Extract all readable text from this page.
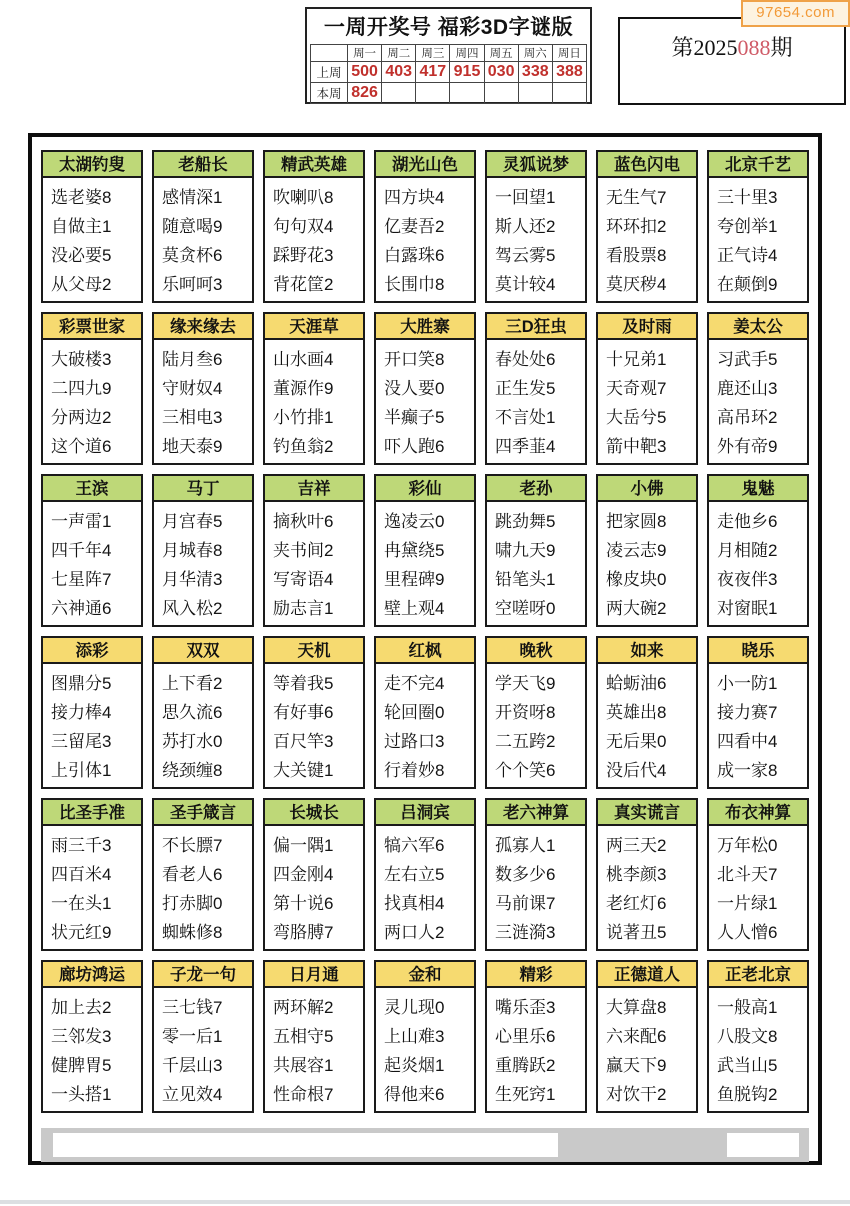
97654.com
一周开奖号 福彩3D字谜版
	周一	周二	周三	周四	周五	周六	周日
上周	500	403	417	915	030	338	388
本周	826						
第2025088期
太湖钓叟
选老婆8
自做主1
没必要5
从父母2
老船长
感情深1
随意喝9
莫贪杯6
乐呵呵3
精武英雄
吹喇叭8
句句双4
踩野花3
背花筐2
湖光山色
四方块4
亿妻吾2
白露珠6
长围巾8
灵狐说梦
一回望1
斯人还2
驾云雾5
莫计较4
蓝色闪电
无生气7
环环扣2
看股票8
莫厌秽4
北京千艺
三十里3
夸创举1
正气诗4
在颠倒9
彩票世家
大破楼3
二四九9
分两边2
这个道6
缘来缘去
陆月叁6
守财奴4
三相电3
地天泰9
天涯草
山水画4
董源作9
小竹排1
钓鱼翁2
大胜寨
开口笑8
没人要0
半癫子5
吓人跑6
三D狂虫
春处处6
正生发5
不言处1
四季韮4
及时雨
十兄弟1
天奇观7
大岳兮5
箭中靶3
姜太公
习武手5
鹿还山3
高吊环2
外有帝9
王滨
一声雷1
四千年4
七星阵7
六神通6
马丁
月宫春5
月城春8
月华清3
风入松2
吉祥
摘秋叶6
夹书间2
写寄语4
励志言1
彩仙
逸凌云0
冉黛绕5
里程碑9
壁上观4
老孙
跳劲舞5
啸九天9
铅笔头1
空嗟呀0
小佛
把家圆8
凌云志9
橡皮块0
两大碗2
鬼魅
走他乡6
月相随2
夜夜伴3
对窗眠1
添彩
图鼎分5
接力棒4
三留尾3
上引体1
双双
上下看2
思久流6
苏打水0
绕颈缠8
天机
等着我5
有好事6
百尺竿3
大关键1
红枫
走不完4
轮回圈0
过路口3
行着妙8
晚秋
学天飞9
开资呀8
二五跨2
个个笑6
如来
蛤蛎油6
英雄出8
无后果0
没后代4
晓乐
小一防1
接力赛7
四看中4
成一家8
比圣手准
雨三千3
四百米4
一在头1
状元红9
圣手箴言
不长膘7
看老人6
打赤脚0
蜘蛛修8
长城长
偏一隅1
四金刚4
第十说6
弯胳膊7
吕洞宾
犒六军6
左右立5
找真相4
两口人2
老六神算
孤寡人1
数多少6
马前课7
三涟漪3
真实谎言
两三天2
桃李颜3
老红灯6
说著丑5
布衣神算
万年松0
北斗天7
一片绿1
人人憎6
廊坊鸿运
加上去2
三邻发3
健脾胃5
一头搭1
子龙一句
三七钱7
零一后1
千层山3
立见效4
日月通
两环解2
五相守5
共展容1
性命根7
金和
灵儿现0
上山难3
起炎烟1
得他来6
精彩
嘴乐歪3
心里乐6
重腾跃2
生死窍1
正德道人
大算盘8
六来配6
赢天下9
对饮干2
正老北京
一般高1
八股文8
武当山5
鱼脱钩2
